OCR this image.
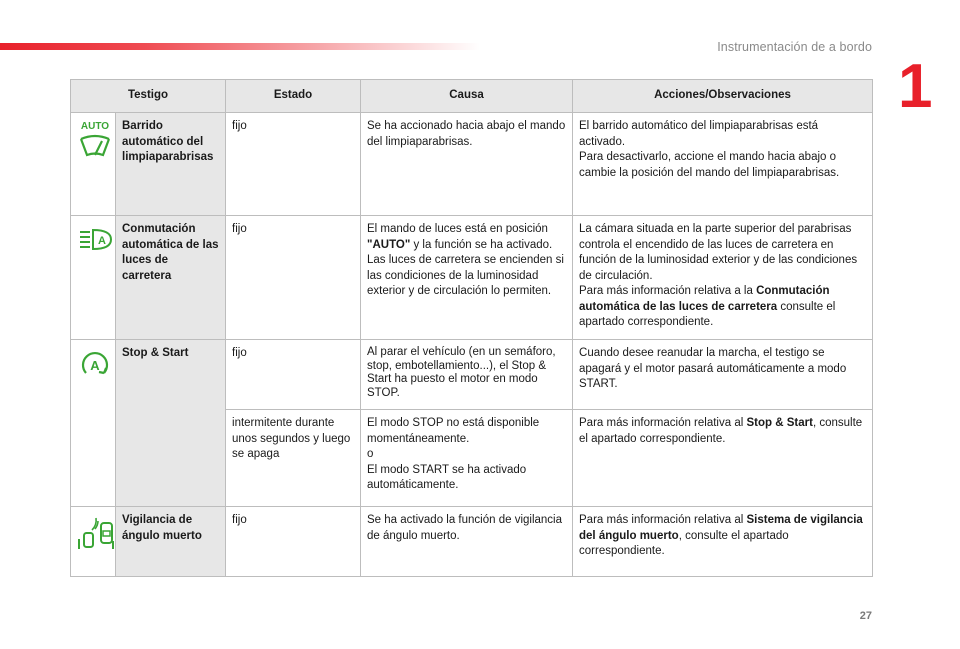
Instrumentación de a bordo
1
Testigo		Estado	Causa	Acciones/Observaciones

AUTO	Barrido automático del limpiaparabrisas	fijo	Se ha accionado hacia abajo el mando del limpiaparabrisas.	El barrido automático del limpiaparabrisas está activado.
Para desactivarlo, accione el mando hacia abajo o cambie la posición del mando del limpiaparabrisas.

A	Conmutación automática de las luces de carretera	fijo	El mando de luces está en posición "AUTO" y la función se ha activado. Las luces de carretera se encienden si las condiciones de la luminosidad exterior y de circulación lo permiten.	La cámara situada en la parte superior del parabrisas controla el encendido de las luces de carretera en función de la luminosidad exterior y de las condiciones de circulación.
Para más información relativa a la Conmutación automática de las luces de carretera consulte el apartado correspondiente.

A	Stop & Start	fijo	Al parar el vehículo (en un semáforo, stop, embotellamiento...), el Stop & Start ha puesto el motor en modo STOP.	Cuando desee reanudar la marcha, el testigo se apagará y el motor pasará automáticamente a modo START.
		intermitente durante unos segundos y luego se apaga	El modo STOP no está disponible momentáneamente.
o
El modo START se ha activado automáticamente.	Para más información relativa al Stop & Start, consulte el apartado correspondiente.

	Vigilancia de ángulo muerto	fijo	Se ha activado la función de vigilancia de ángulo muerto.	Para más información relativa al Sistema de vigilancia del ángulo muerto, consulte el apartado correspondiente.
27
